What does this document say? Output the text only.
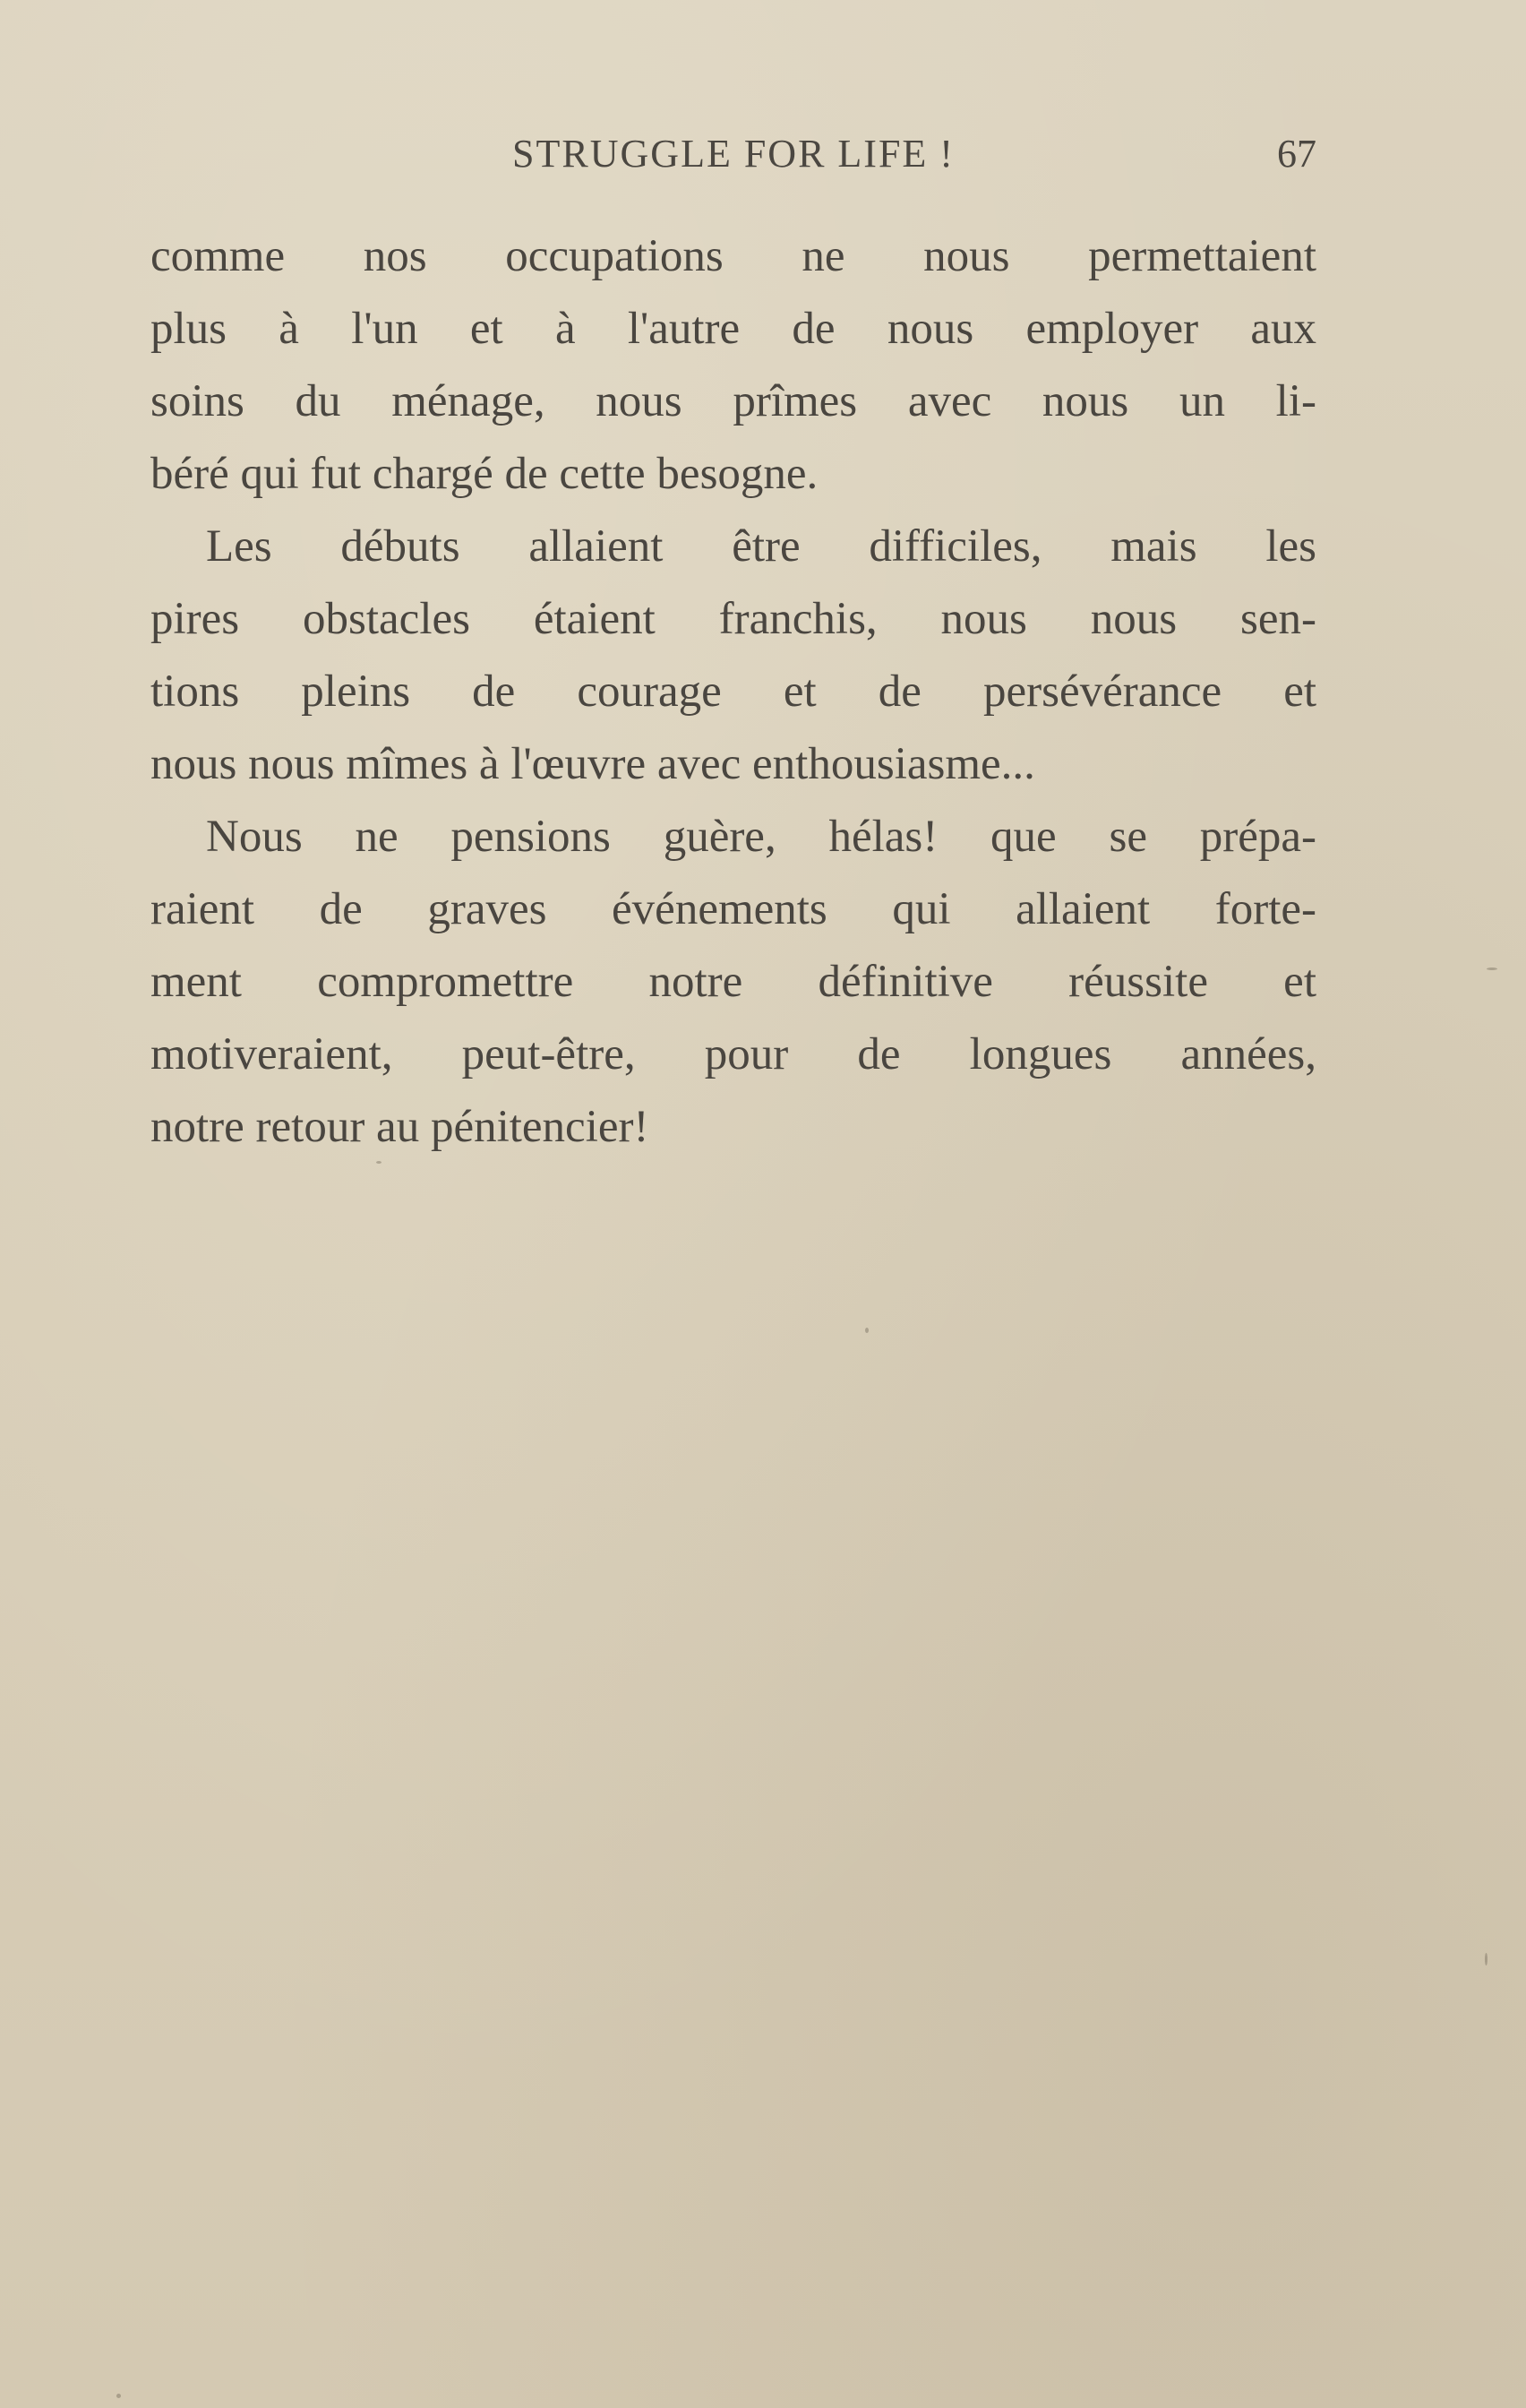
STRUGGLE FOR LIFE !	67
comme nos occupations ne nous permettaient
plus à l'un et à l'autre de nous employer aux
soins du ménage, nous prîmes avec nous un li-
béré qui fut chargé de cette besogne.
Les débuts allaient être difficiles, mais les
pires obstacles étaient franchis, nous nous sen-
tions pleins de courage et de persévérance et
nous nous mîmes à l'œuvre avec enthousiasme...
Nous ne pensions guère, hélas! que se prépa-
raient de graves événements qui allaient forte-
ment compromettre notre définitive réussite et
motiveraient, peut-être, pour de longues années,
notre retour au pénitencier!
